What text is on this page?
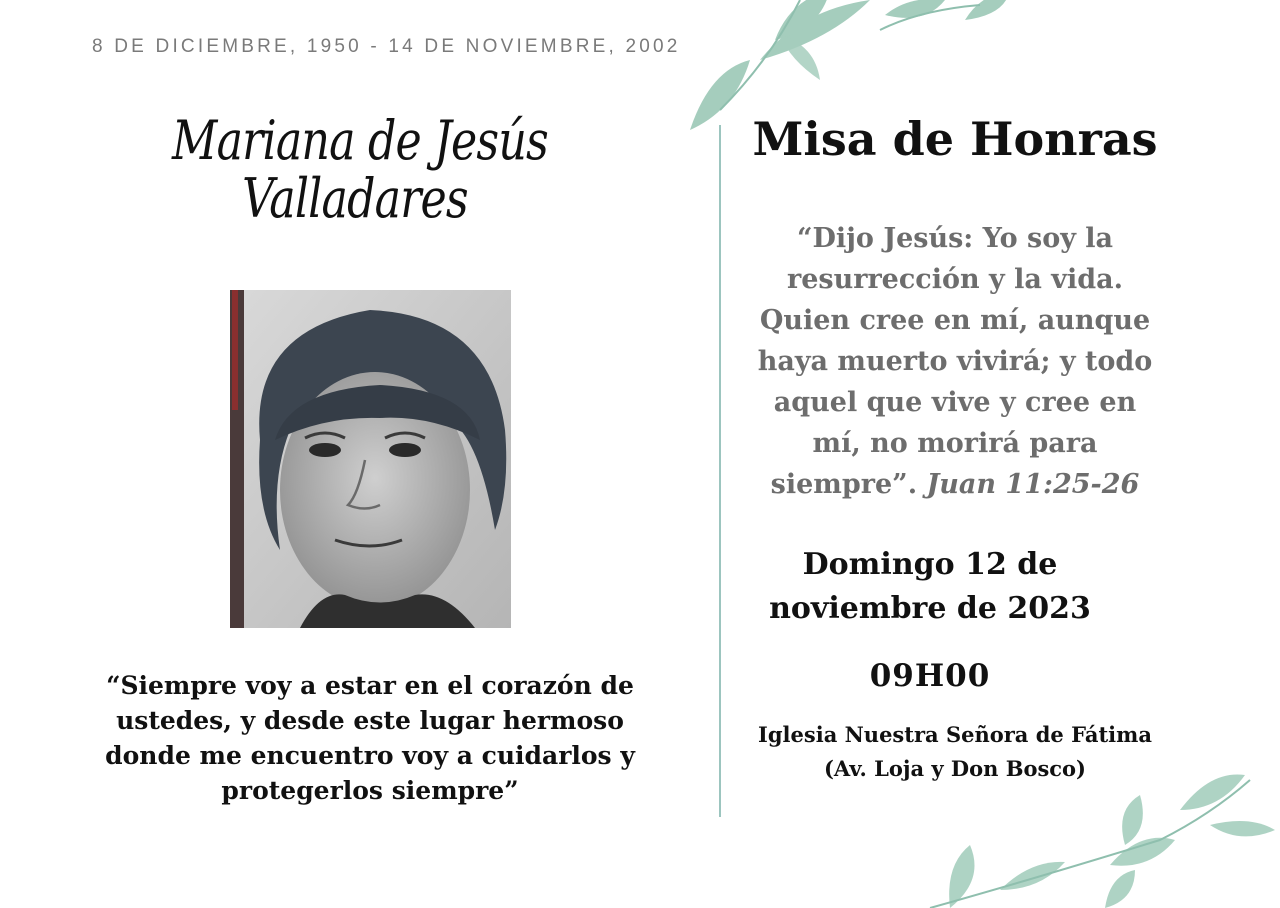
8 DE DICIEMBRE, 1950 - 14 DE NOVIEMBRE, 2002
Mariana de Jesús
Valladares
“Siempre voy a estar en el corazón de
ustedes, y desde este lugar hermoso
donde me encuentro voy a cuidarlos y
protegerlos siempre”
Misa de Honras
“Dijo Jesús: Yo soy la
resurrección y la vida.
Quien cree en mí, aunque
haya muerto vivirá; y todo
aquel que vive y cree en
mí, no morirá para
siempre”. Juan 11:25-26
Domingo 12 de
noviembre de 2023
09H00
Iglesia Nuestra Señora de Fátima
(Av. Loja y Don Bosco)
